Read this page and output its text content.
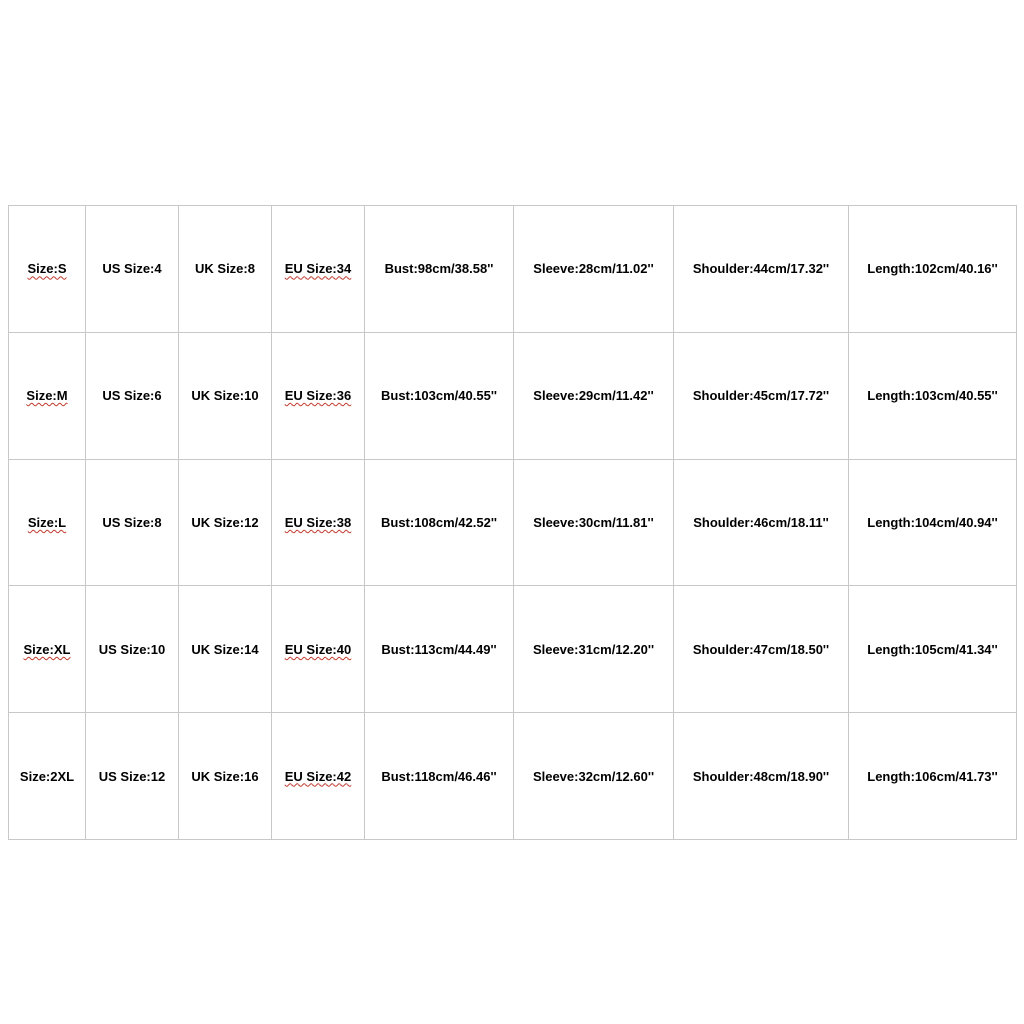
Size:S	US Size:4	UK Size:8	EU Size:34	Bust:98cm/38.58''	Sleeve:28cm/11.02''	Shoulder:44cm/17.32''	Length:102cm/40.16''
Size:M	US Size:6	UK Size:10	EU Size:36	Bust:103cm/40.55''	Sleeve:29cm/11.42''	Shoulder:45cm/17.72''	Length:103cm/40.55''
Size:L	US Size:8	UK Size:12	EU Size:38	Bust:108cm/42.52''	Sleeve:30cm/11.81''	Shoulder:46cm/18.11''	Length:104cm/40.94''
Size:XL	US Size:10	UK Size:14	EU Size:40	Bust:113cm/44.49''	Sleeve:31cm/12.20''	Shoulder:47cm/18.50''	Length:105cm/41.34''
Size:2XL	US Size:12	UK Size:16	EU Size:42	Bust:118cm/46.46''	Sleeve:32cm/12.60''	Shoulder:48cm/18.90''	Length:106cm/41.73''
